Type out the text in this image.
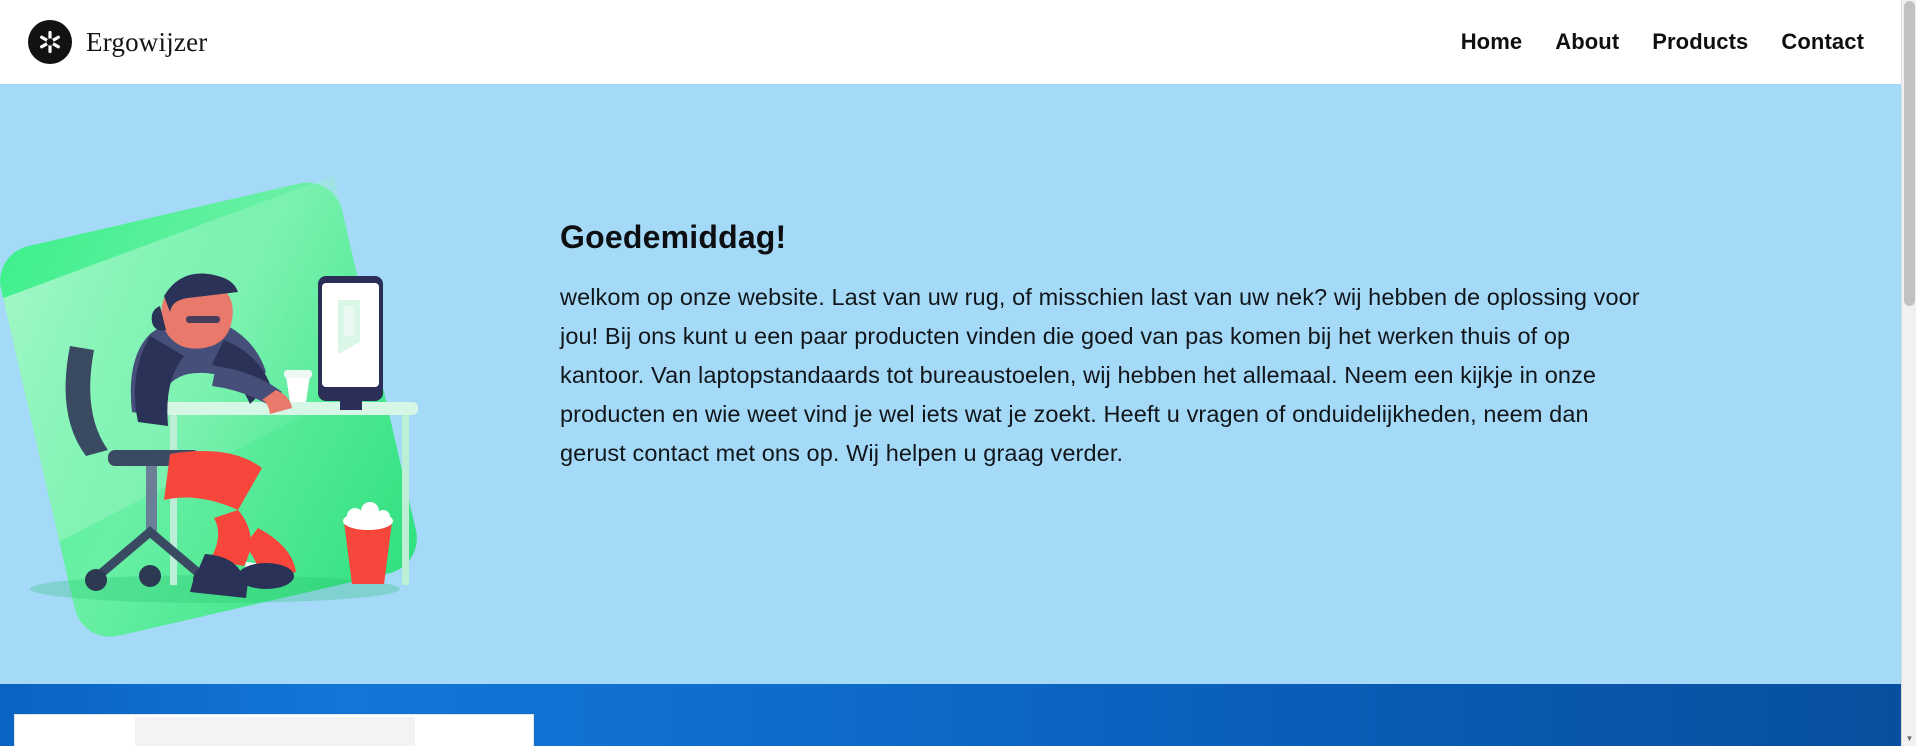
Ergowijzer	Home About Products Contact
Goedemiddag!

welkom op onze website. Last van uw rug, of misschien last van uw nek? wij hebben de oplossing voor jou! Bij ons kunt u een paar producten vinden die goed van pas komen bij het werken thuis of op kantoor. Van laptopstandaards tot bureaustoelen, wij hebben het allemaal. Neem een kijkje in onze producten en wie weet vind je wel iets wat je zoekt. Heeft u vragen of onduidelijkheden, neem dan gerust contact met ons op. Wij helpen u graag verder.

▼
